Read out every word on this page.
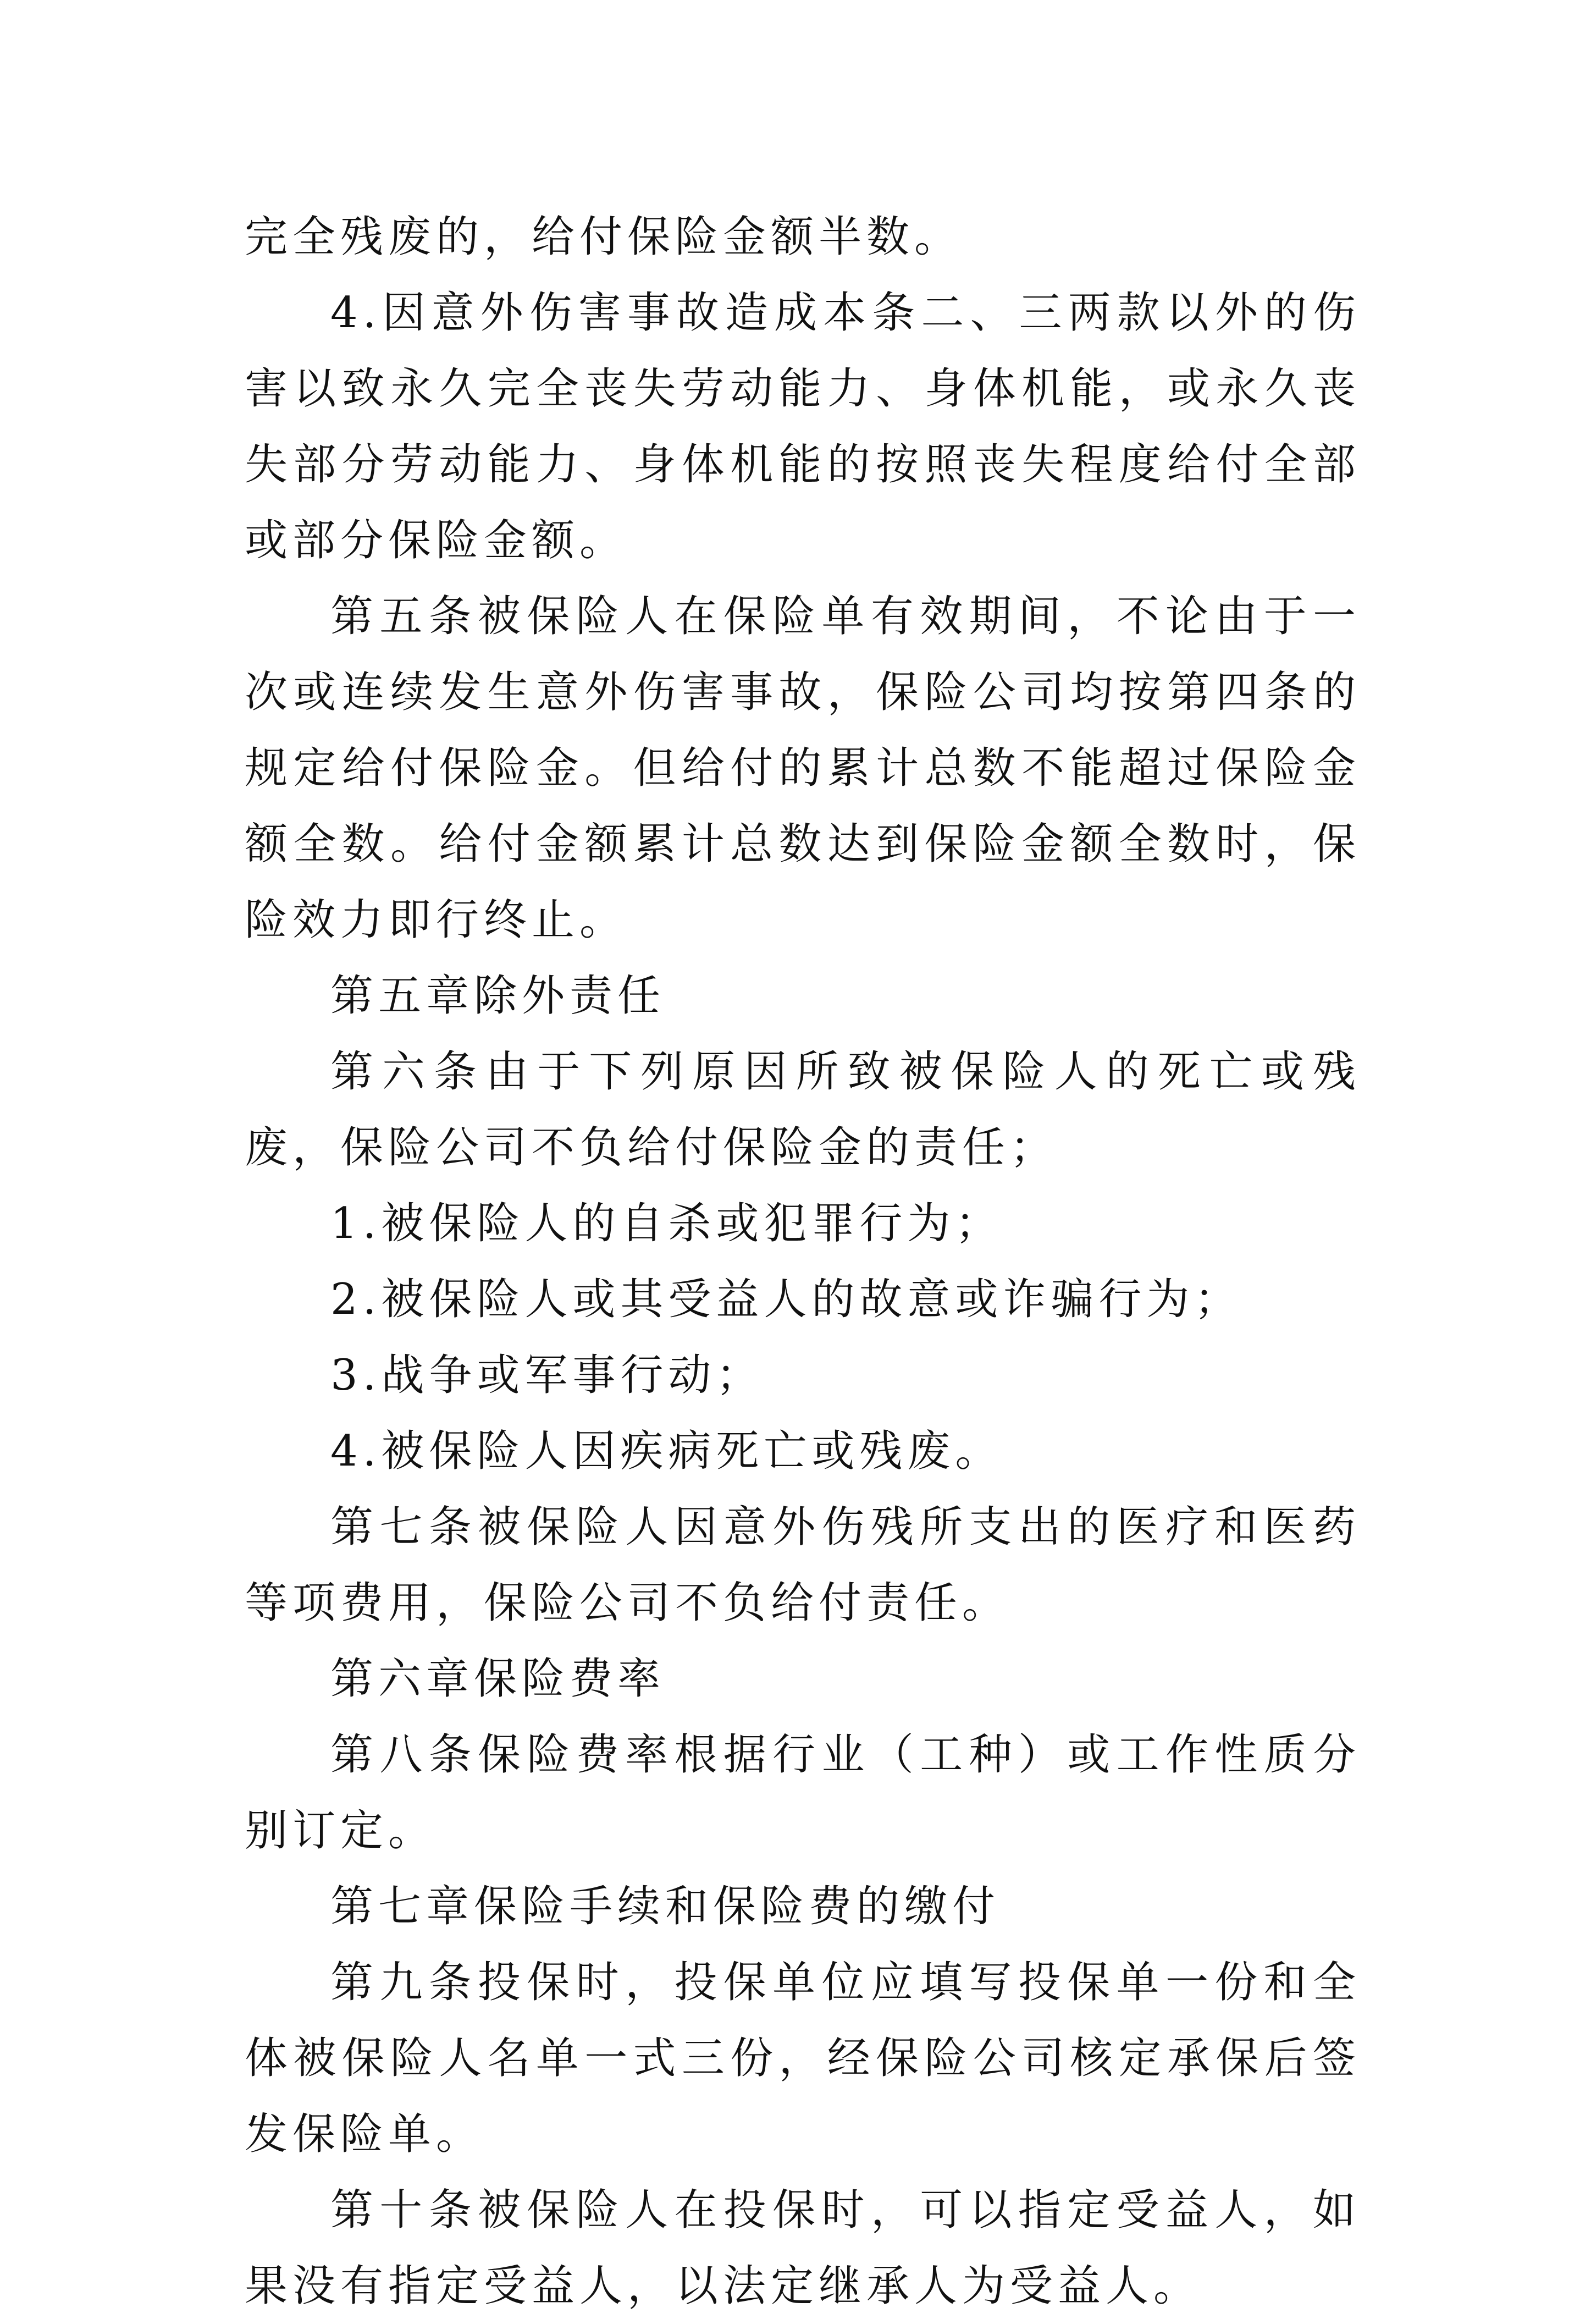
完全残废的，给付保险金额半数。

4.因意外伤害事故造成本条二、三两款以外的伤害以致永久完全丧失劳动能力、身体机能，或永久丧失部分劳动能力、身体机能的按照丧失程度给付全部或部分保险金额。

第五条被保险人在保险单有效期间，不论由于一次或连续发生意外伤害事故，保险公司均按第四条的规定给付保险金。但给付的累计总数不能超过保险金额全数。给付金额累计总数达到保险金额全数时，保险效力即行终止。

第五章除外责任

第六条由于下列原因所致被保险人的死亡或残废，保险公司不负给付保险金的责任；

1.被保险人的自杀或犯罪行为；

2.被保险人或其受益人的故意或诈骗行为；

3.战争或军事行动；

4.被保险人因疾病死亡或残废。

第七条被保险人因意外伤残所支出的医疗和医药等项费用，保险公司不负给付责任。

第六章保险费率

第八条保险费率根据行业（工种）或工作性质分别订定。

第七章保险手续和保险费的缴付

第九条投保时，投保单位应填写投保单一份和全体被保险人名单一式三份，经保险公司核定承保后签发保险单。

第十条被保险人在投保时，可以指定受益人，如果没有指定受益人，以法定继承人为受益人。
